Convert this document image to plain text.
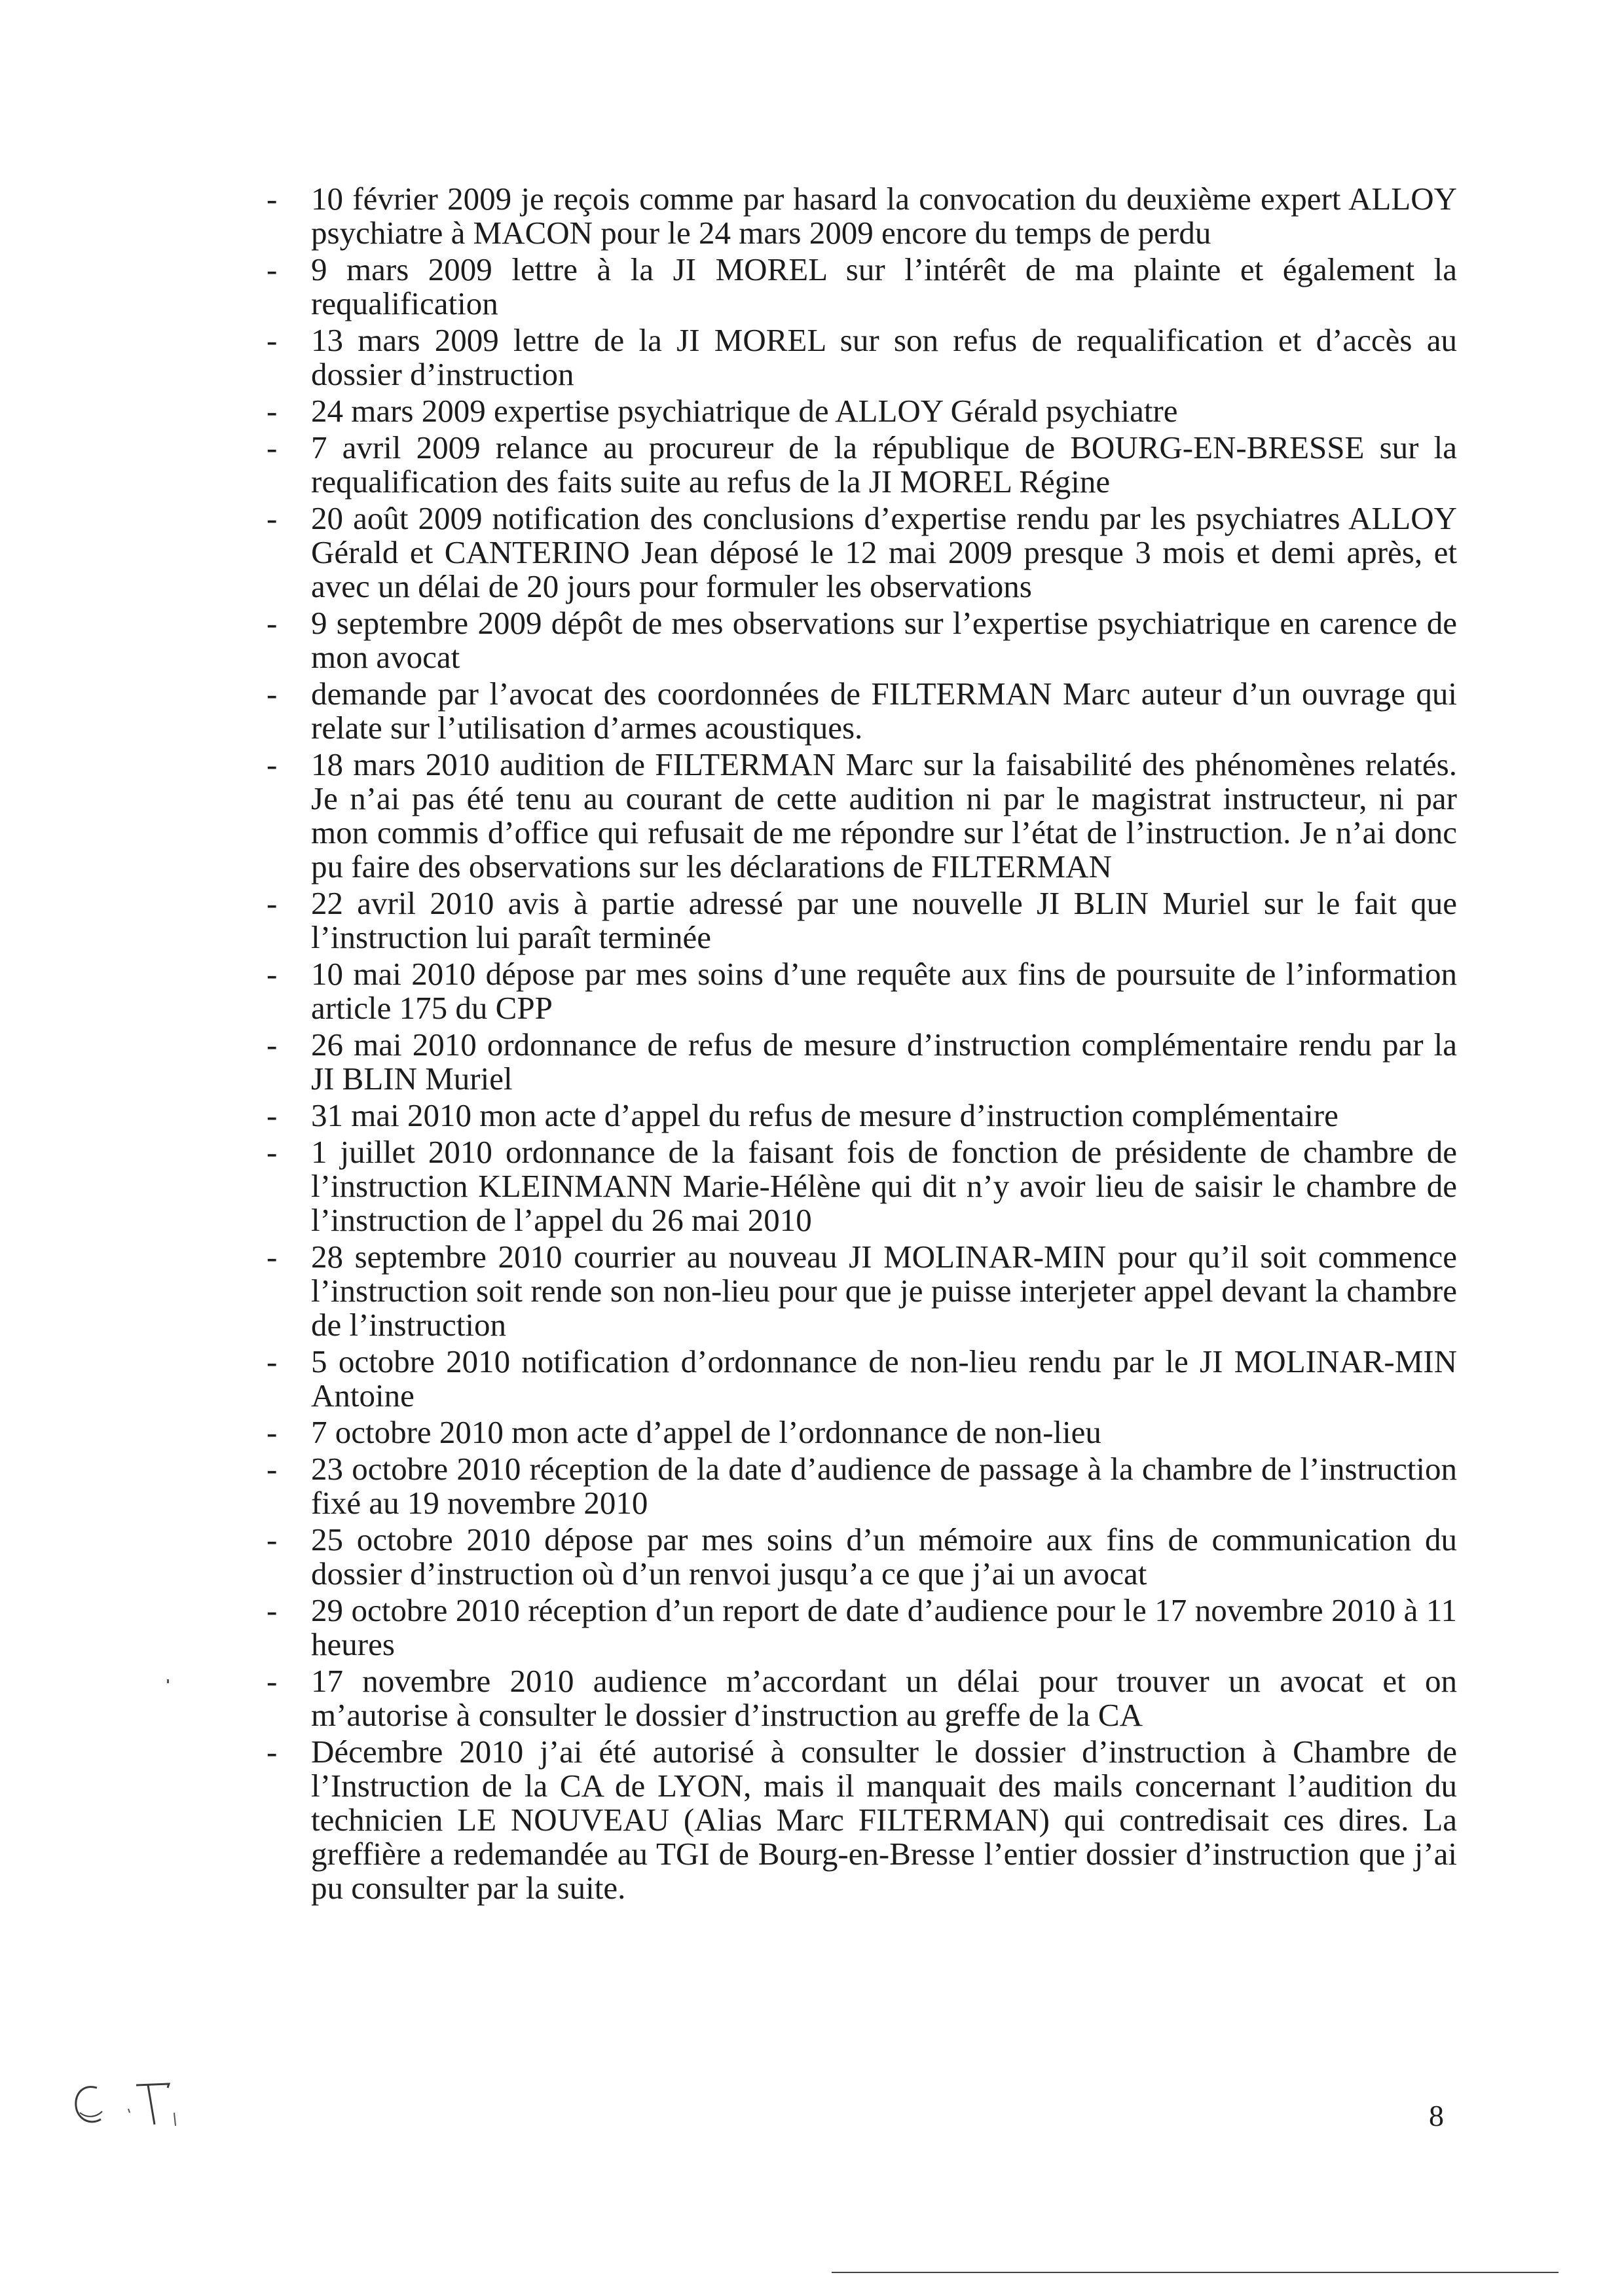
- 10 février 2009 je reçois comme par hasard la convocation du deuxième expert ALLOY psychiatre à MACON pour le 24 mars 2009 encore du temps de perdu
- 9 mars 2009 lettre à la JI MOREL sur l’intérêt de ma plainte et également la requalification
- 13 mars 2009 lettre de la JI MOREL sur son refus de requalification et d’accès au dossier d’instruction
- 24 mars 2009 expertise psychiatrique de ALLOY Gérald psychiatre
- 7 avril 2009 relance au procureur de la république de BOURG-EN-BRESSE sur la requalification des faits suite au refus de la JI MOREL Régine
- 20 août 2009 notification des conclusions d’expertise rendu par les psychiatres ALLOY Gérald et CANTERINO Jean déposé le 12 mai 2009 presque 3 mois et demi après, et avec un délai de 20 jours pour formuler les observations
- 9 septembre 2009 dépôt de mes observations sur l’expertise psychiatrique en carence de mon avocat
- demande par l’avocat des coordonnées de FILTERMAN Marc auteur d’un ouvrage qui relate sur l’utilisation d’armes acoustiques.
- 18 mars 2010 audition de FILTERMAN Marc sur la faisabilité des phénomènes relatés. Je n’ai pas été tenu au courant de cette audition ni par le magistrat instructeur, ni par mon commis d’office qui refusait de me répondre sur l’état de l’instruction. Je n’ai donc pu faire des observations sur les déclarations de FILTERMAN
- 22 avril 2010 avis à partie adressé par une nouvelle JI BLIN Muriel sur le fait que l’instruction lui paraît terminée
- 10 mai 2010 dépose par mes soins d’une requête aux fins de poursuite de l’information article 175 du CPP
- 26 mai 2010 ordonnance de refus de mesure d’instruction complémentaire rendu par la JI BLIN Muriel
- 31 mai 2010 mon acte d’appel du refus de mesure d’instruction complémentaire
- 1 juillet 2010 ordonnance de la faisant fois de fonction de présidente de chambre de l’instruction KLEINMANN Marie-Hélène qui dit n’y avoir lieu de saisir le chambre de l’instruction de l’appel du 26 mai 2010
- 28 septembre 2010 courrier au nouveau JI MOLINAR-MIN pour qu’il soit commence l’instruction soit rende son non-lieu pour que je puisse interjeter appel devant la chambre de l’instruction
- 5 octobre 2010 notification d’ordonnance de non-lieu rendu par le JI MOLINAR-MIN Antoine
- 7 octobre 2010 mon acte d’appel de l’ordonnance de non-lieu
- 23 octobre 2010 réception de la date d’audience de passage à la chambre de l’instruction fixé au 19 novembre 2010
- 25 octobre 2010 dépose par mes soins d’un mémoire aux fins de communication du dossier d’instruction où d’un renvoi jusqu’a ce que j’ai un avocat
- 29 octobre 2010 réception d’un report de date d’audience pour le 17 novembre 2010 à 11 heures
- 17 novembre 2010 audience m’accordant un délai pour trouver un avocat et on m’autorise à consulter le dossier d’instruction au greffe de la CA
- Décembre 2010 j’ai été autorisé à consulter le dossier d’instruction à Chambre de l’Instruction de la CA de LYON, mais il manquait des mails concernant l’audition du technicien LE NOUVEAU (Alias Marc FILTERMAN) qui contredisait ces dires. La greffière a redemandée au TGI de Bourg-en-Bresse l’entier dossier d’instruction que j’ai pu consulter par la suite.
8
